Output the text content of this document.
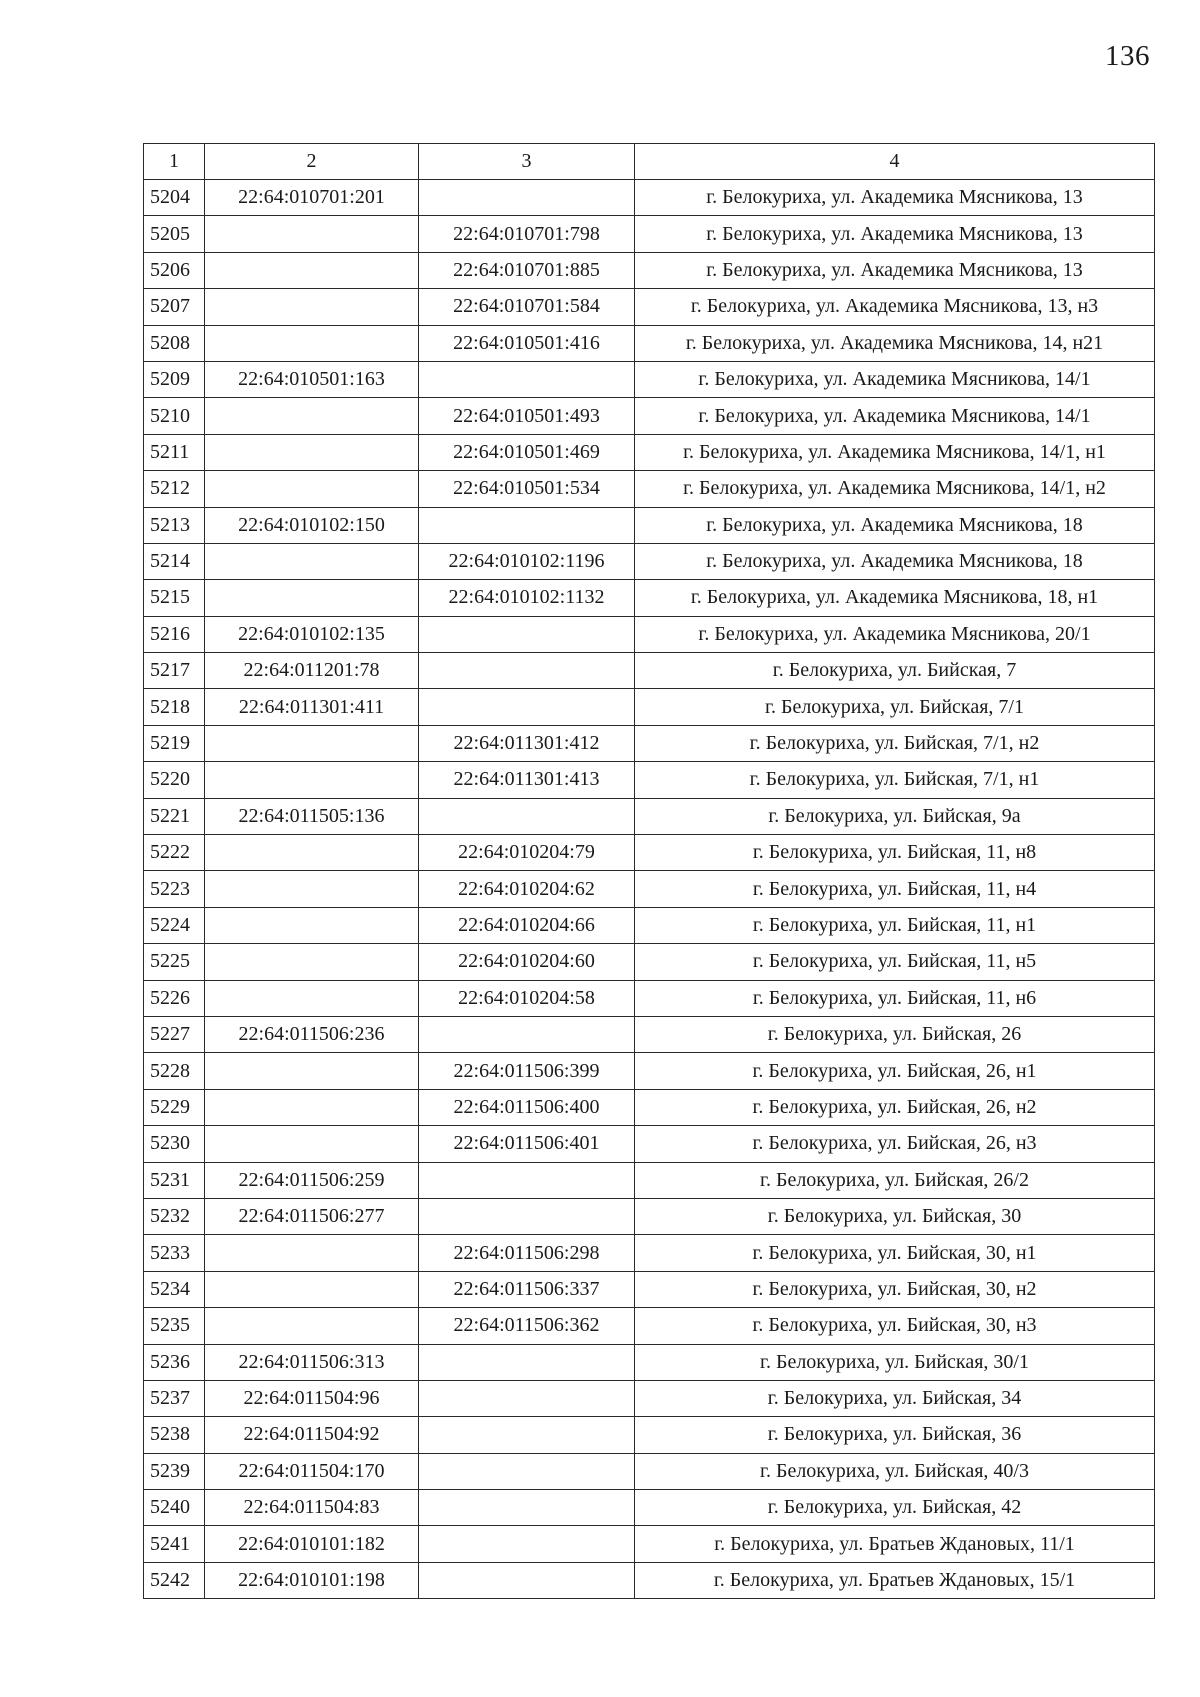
136
1	2	3	4
5204	22:64:010701:201		г. Белокуриха, ул. Академика Мясникова, 13
5205		22:64:010701:798	г. Белокуриха, ул. Академика Мясникова, 13
5206		22:64:010701:885	г. Белокуриха, ул. Академика Мясникова, 13
5207		22:64:010701:584	г. Белокуриха, ул. Академика Мясникова, 13, н3
5208		22:64:010501:416	г. Белокуриха, ул. Академика Мясникова, 14, н21
5209	22:64:010501:163		г. Белокуриха, ул. Академика Мясникова, 14/1
5210		22:64:010501:493	г. Белокуриха, ул. Академика Мясникова, 14/1
5211		22:64:010501:469	г. Белокуриха, ул. Академика Мясникова, 14/1, н1
5212		22:64:010501:534	г. Белокуриха, ул. Академика Мясникова, 14/1, н2
5213	22:64:010102:150		г. Белокуриха, ул. Академика Мясникова, 18
5214		22:64:010102:1196	г. Белокуриха, ул. Академика Мясникова, 18
5215		22:64:010102:1132	г. Белокуриха, ул. Академика Мясникова, 18, н1
5216	22:64:010102:135		г. Белокуриха, ул. Академика Мясникова, 20/1
5217	22:64:011201:78		г. Белокуриха, ул. Бийская, 7
5218	22:64:011301:411		г. Белокуриха, ул. Бийская, 7/1
5219		22:64:011301:412	г. Белокуриха, ул. Бийская, 7/1, н2
5220		22:64:011301:413	г. Белокуриха, ул. Бийская, 7/1, н1
5221	22:64:011505:136		г. Белокуриха, ул. Бийская, 9а
5222		22:64:010204:79	г. Белокуриха, ул. Бийская, 11, н8
5223		22:64:010204:62	г. Белокуриха, ул. Бийская, 11, н4
5224		22:64:010204:66	г. Белокуриха, ул. Бийская, 11, н1
5225		22:64:010204:60	г. Белокуриха, ул. Бийская, 11, н5
5226		22:64:010204:58	г. Белокуриха, ул. Бийская, 11, н6
5227	22:64:011506:236		г. Белокуриха, ул. Бийская, 26
5228		22:64:011506:399	г. Белокуриха, ул. Бийская, 26, н1
5229		22:64:011506:400	г. Белокуриха, ул. Бийская, 26, н2
5230		22:64:011506:401	г. Белокуриха, ул. Бийская, 26, н3
5231	22:64:011506:259		г. Белокуриха, ул. Бийская, 26/2
5232	22:64:011506:277		г. Белокуриха, ул. Бийская, 30
5233		22:64:011506:298	г. Белокуриха, ул. Бийская, 30, н1
5234		22:64:011506:337	г. Белокуриха, ул. Бийская, 30, н2
5235		22:64:011506:362	г. Белокуриха, ул. Бийская, 30, н3
5236	22:64:011506:313		г. Белокуриха, ул. Бийская, 30/1
5237	22:64:011504:96		г. Белокуриха, ул. Бийская, 34
5238	22:64:011504:92		г. Белокуриха, ул. Бийская, 36
5239	22:64:011504:170		г. Белокуриха, ул. Бийская, 40/3
5240	22:64:011504:83		г. Белокуриха, ул. Бийская, 42
5241	22:64:010101:182		г. Белокуриха, ул. Братьев Ждановых, 11/1
5242	22:64:010101:198		г. Белокуриха, ул. Братьев Ждановых, 15/1
